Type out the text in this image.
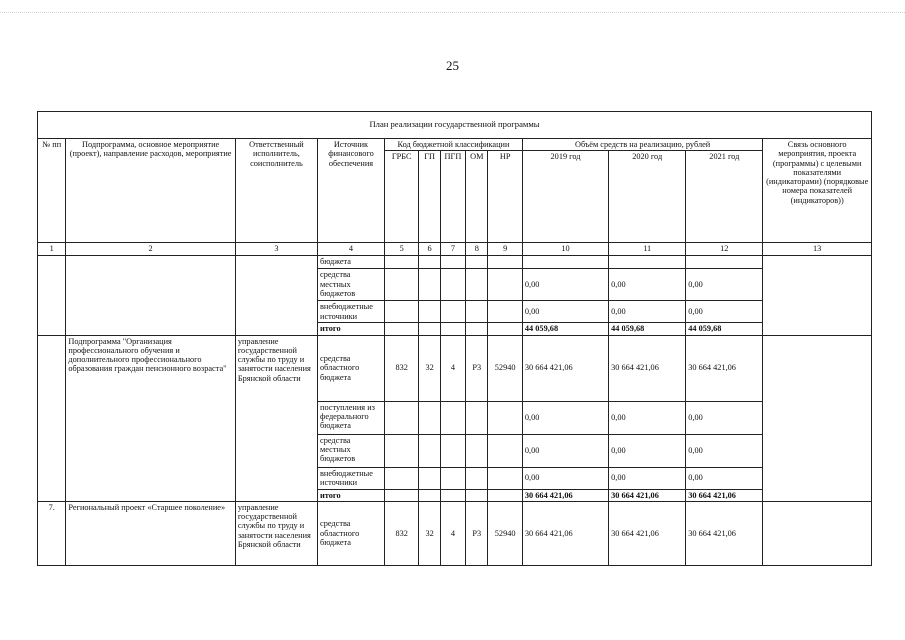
25
План реализации государственной программы												
№ пп	Подпрограмма, основное мероприятие (проект), направление расходов, мероприятие	Ответственный исполнитель, соисполнитель	Источник финансового обеспечения	Код бюджетной классификации					Объём средств на реализацию, рублей			Связь основного мероприятия, проекта (программы) с целевыми показателями (индикаторами) (порядковые номера показателей (индикаторов))
				ГРБС	ГП	ПГП	ОМ	НР	2019 год	2020 год	2021 год	
1	2	3	4	5	6	7	8	9	10	11	12	13
			бюджета									
			средства местных бюджетов						0,00	0,00	0,00	
			внебюджетные источники						0,00	0,00	0,00	
			итого						44 059,68	44 059,68	44 059,68	
	Подпрограмма "Организация профессионального обучения и дополнительного профессионального образования граждан пенсионного возраста"	управление государственной службы по труду и занятости населения Брянской области	средства областного бюджета	832	32	4	Р3	52940	30 664 421,06	30 664 421,06	30 664 421,06	
			поступления из федерального бюджета						0,00	0,00	0,00	
			средства местных бюджетов						0,00	0,00	0,00	
			внебюджетные источники						0,00	0,00	0,00	
			итого						30 664 421,06	30 664 421,06	30 664 421,06	
7.	Региональный проект «Старшее поколение»	управление государственной службы по труду и занятости населения Брянской области	средства областного бюджета	832	32	4	Р3	52940	30 664 421,06	30 664 421,06	30 664 421,06	
